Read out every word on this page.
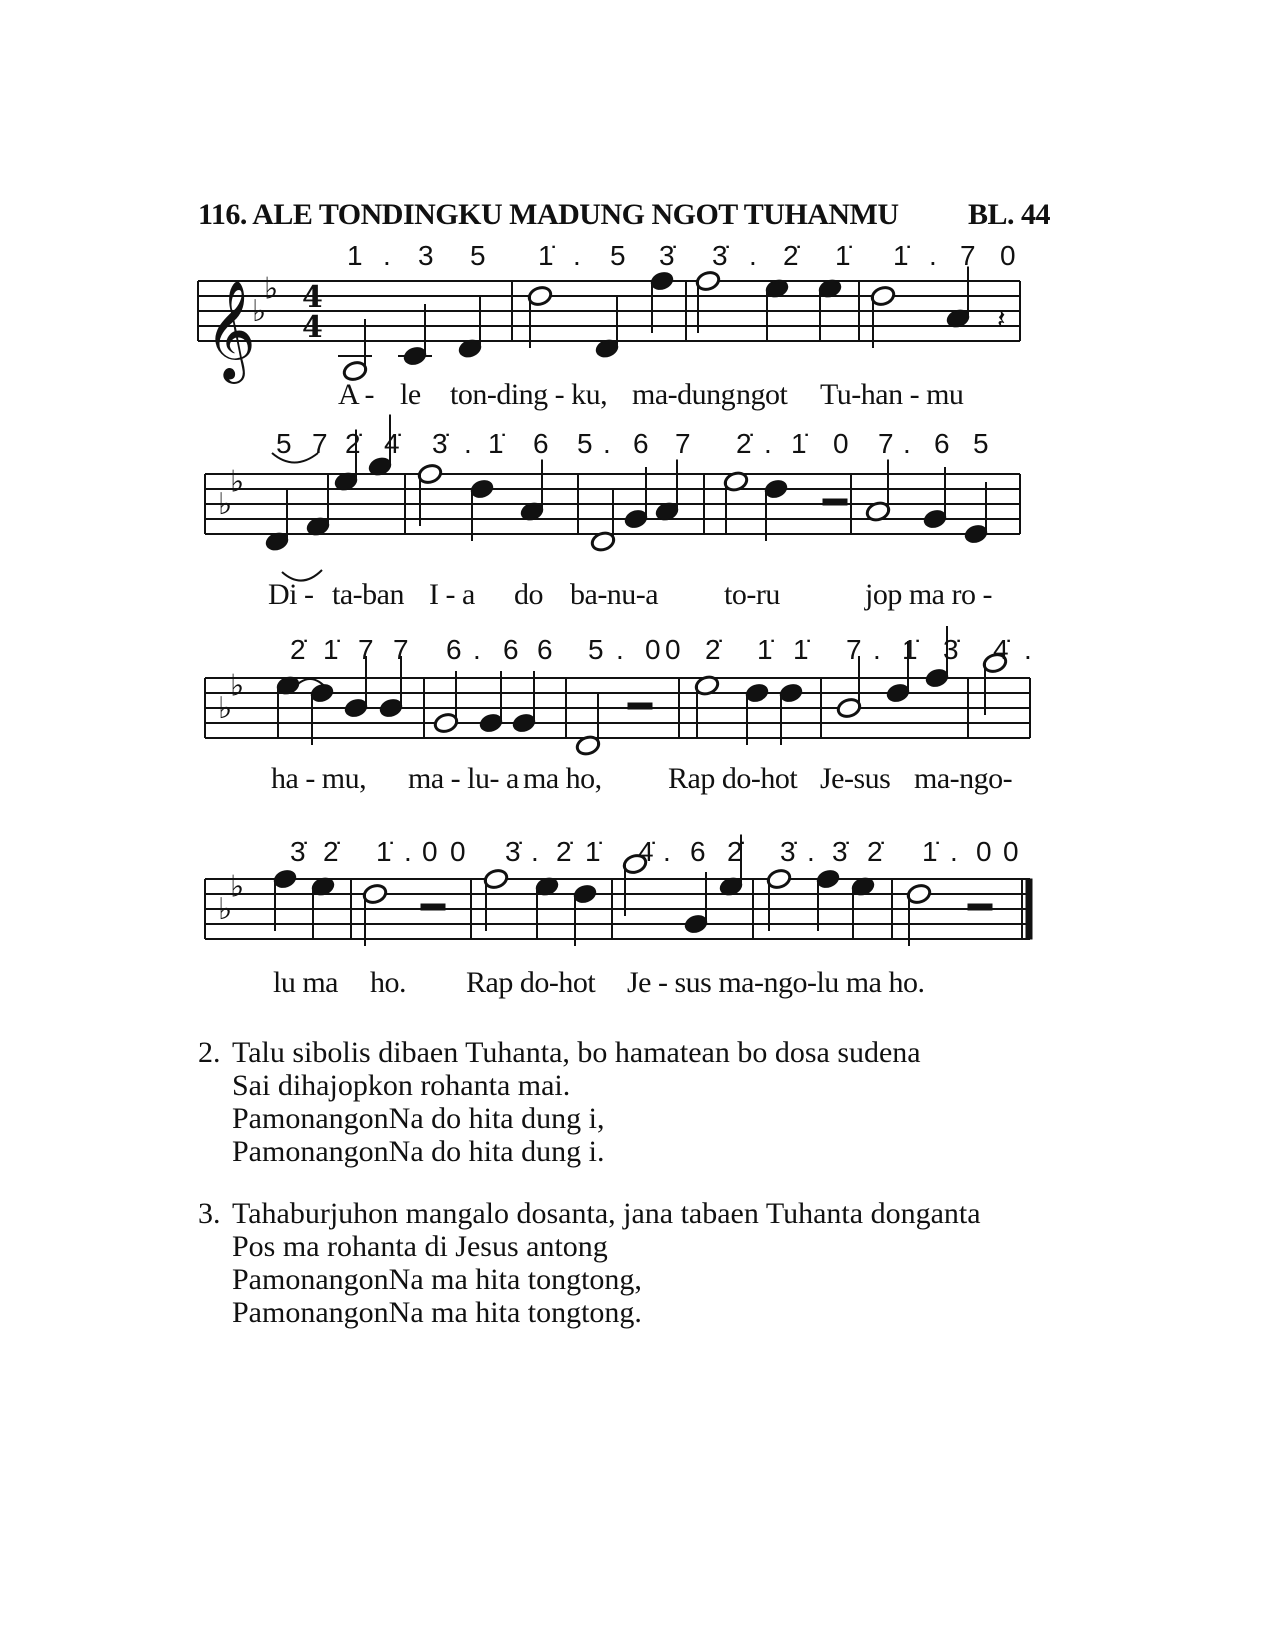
116. ALE TONDINGKU MADUNG NGOT TUHANMU BL. 44
♭
♭
𝄞 4
4
♭
♭
♭
♭
♭
♭
𝄽
1 . 3 5 1̇ . 5 3̇ 3̇ . 2̇ 1̇ 1̇ . 7 0
5 7 2̇ 4̇ 3̇ . 1̇ 6 5 . 6 7 2̇ . 1̇ 0 7 . 6 5
2̇ 1̇ 7 7 6 . 6 6 5 . 0 0 2̇ 1̇ 1̇ 7 . 1̇ 3̇ 4̇ .
3̇ 2̇ 1̇ . 0 0 3̇ . 2̇ 1̇ 4̇ . 6 2̇ 3̇ . 3̇ 2̇ 1̇ . 0 0
A - le ton-ding - ku, ma-dung ngot Tu-han - mu
Di - ta-ban I - a do ba-nu-a to-ru	jop ma ro -
ha - mu, ma - lu- a ma ho, Rap do-hot Je-sus ma-ngo-
lu ma ho. Rap do-hot Je - sus ma-ngo-lu ma ho.
2. Talu sibolis dibaen Tuhanta, bo hamatean bo dosa sudena
Sai dihajopkon rohanta mai.
PamonangonNa do hita dung i,
PamonangonNa do hita dung i.
3. Tahaburjuhon mangalo dosanta, jana tabaen Tuhanta donganta
Pos ma rohanta di Jesus antong
PamonangonNa ma hita tongtong,
PamonangonNa ma hita tongtong.
